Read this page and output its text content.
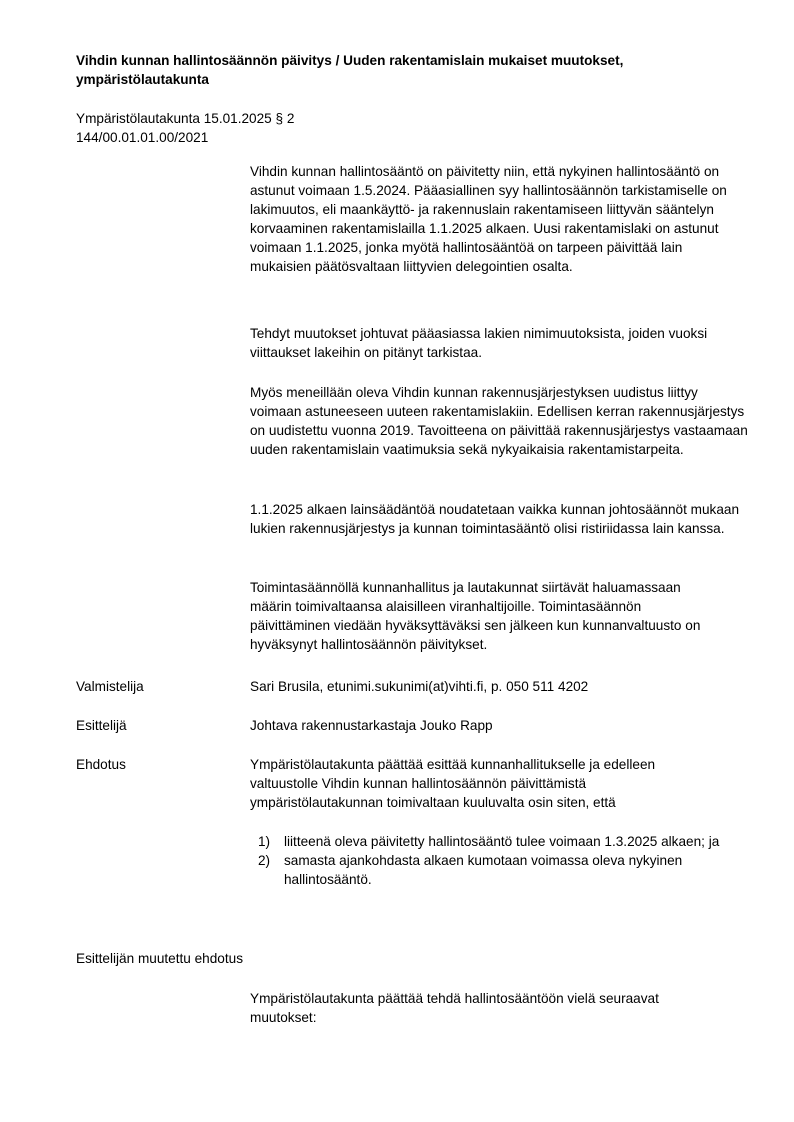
Vihdin kunnan hallintosäännön päivitys / Uuden rakentamislain mukaiset muutokset, ympäristölautakunta
Ympäristölautakunta 15.01.2025 § 2
144/00.01.01.00/2021

Vihdin kunnan hallintosääntö on päivitetty niin, että nykyinen hallintosääntö on astunut voimaan 1.5.2024. Pääasiallinen syy hallintosäännön tarkistamiselle on lakimuutos, eli maankäyttö- ja rakennuslain rakentamiseen liittyvän sääntelyn korvaaminen rakentamislailla 1.1.2025 alkaen. Uusi rakentamislaki on astunut voimaan 1.1.2025, jonka myötä hallintosääntöä on tarpeen päivittää lain mukaisien päätösvaltaan liittyvien delegointien osalta.

Tehdyt muutokset johtuvat pääasiassa lakien nimimuutoksista, joiden vuoksi viittaukset lakeihin on pitänyt tarkistaa.

Myös meneillään oleva Vihdin kunnan rakennusjärjestyksen uudistus liittyy voimaan astuneeseen uuteen rakentamislakiin. Edellisen kerran rakennusjärjestys on uudistettu vuonna 2019. Tavoitteena on päivittää rakennusjärjestys vastaamaan uuden rakentamislain vaatimuksia sekä nykyaikaisia rakentamistarpeita.

1.1.2025 alkaen lainsäädäntöä noudatetaan vaikka kunnan johtosäännöt mukaan lukien rakennusjärjestys ja kunnan toimintasääntö olisi ristiriidassa lain kanssa.

Toimintasäännöllä kunnanhallitus ja lautakunnat siirtävät haluamassaan määrin toimivaltaansa alaisilleen viranhaltijoille. Toimintasäännön päivittäminen viedään hyväksyttäväksi sen jälkeen kun kunnanvaltuusto on hyväksynyt hallintosäännön päivitykset.

Valmistelija	Sari Brusila, etunimi.sukunimi(at)vihti.fi, p. 050 511 4202
Esittelijä	Johtava rakennustarkastaja Jouko Rapp
Ehdotus	Ympäristölautakunta päättää esittää kunnanhallitukselle ja edelleen valtuustolle Vihdin kunnan hallintosäännön päivittämistä ympäristölautakunnan toimivaltaan kuuluvalta osin siten, että

1) liitteenä oleva päivitetty hallintosääntö tulee voimaan 1.3.2025 alkaen; ja
2) samasta ajankohdasta alkaen kumotaan voimassa oleva nykyinen hallintosääntö.
Esittelijän muutettu ehdotus

Ympäristölautakunta päättää tehdä hallintosääntöön vielä seuraavat muutokset:
